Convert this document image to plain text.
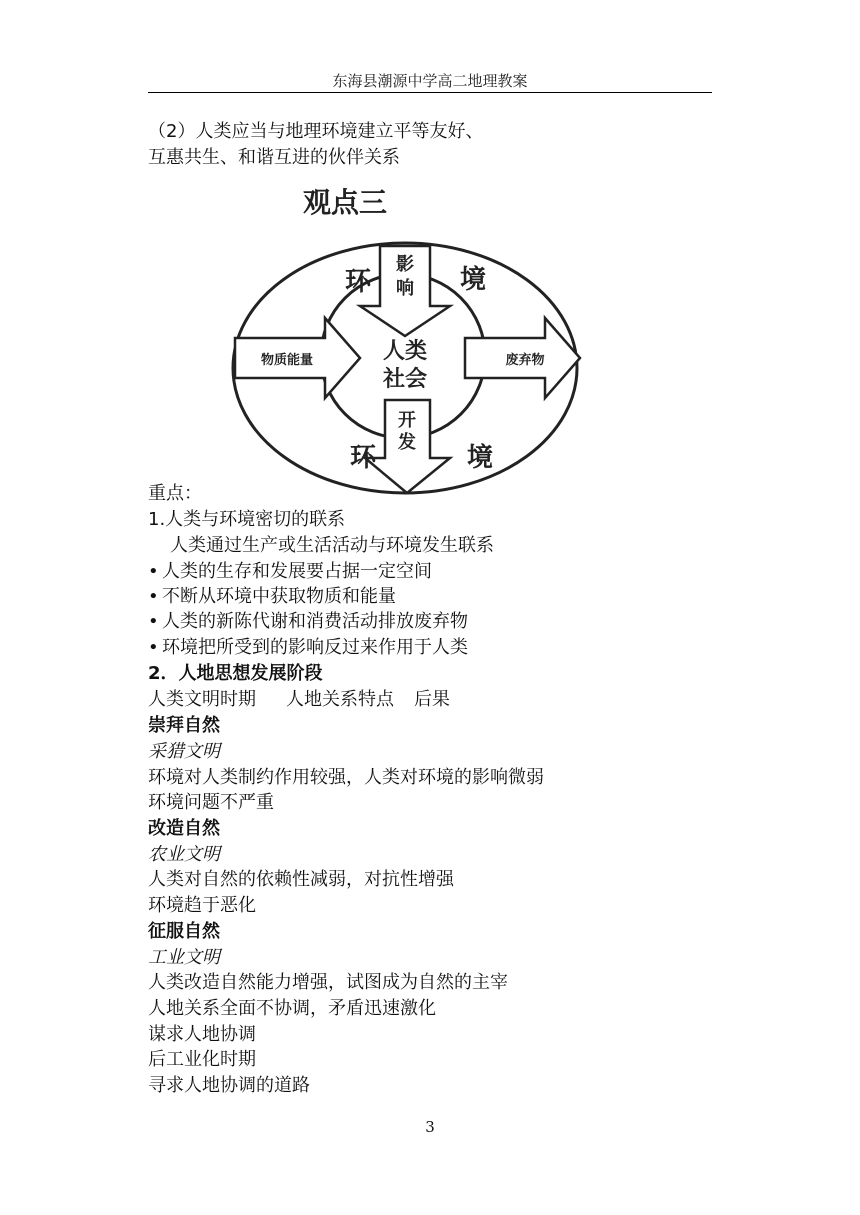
东海县潮源中学高二地理教案
（2）人类应当与地理环境建立平等友好、
互惠共生、和谐互进的伙伴关系
观点三
影
响
环	境
物质能量	人类
社会
废弃物
开
发
环	境
重点：
1.人类与环境密切的联系
人类通过生产或生活活动与环境发生联系
• 人类的生存和发展要占据一定空间
• 不断从环境中获取物质和能量
• 人类的新陈代谢和消费活动排放废弃物
• 环境把所受到的影响反过来作用于人类
2．人地思想发展阶段
人类文明时期 人地关系特点 后果
崇拜自然
采猎文明
环境对人类制约作用较强，人类对环境的影响微弱
环境问题不严重
改造自然
农业文明
人类对自然的依赖性减弱，对抗性增强
环境趋于恶化
征服自然
工业文明
人类改造自然能力增强，试图成为自然的主宰
人地关系全面不协调，矛盾迅速激化
谋求人地协调
后工业化时期
寻求人地协调的道路
3
